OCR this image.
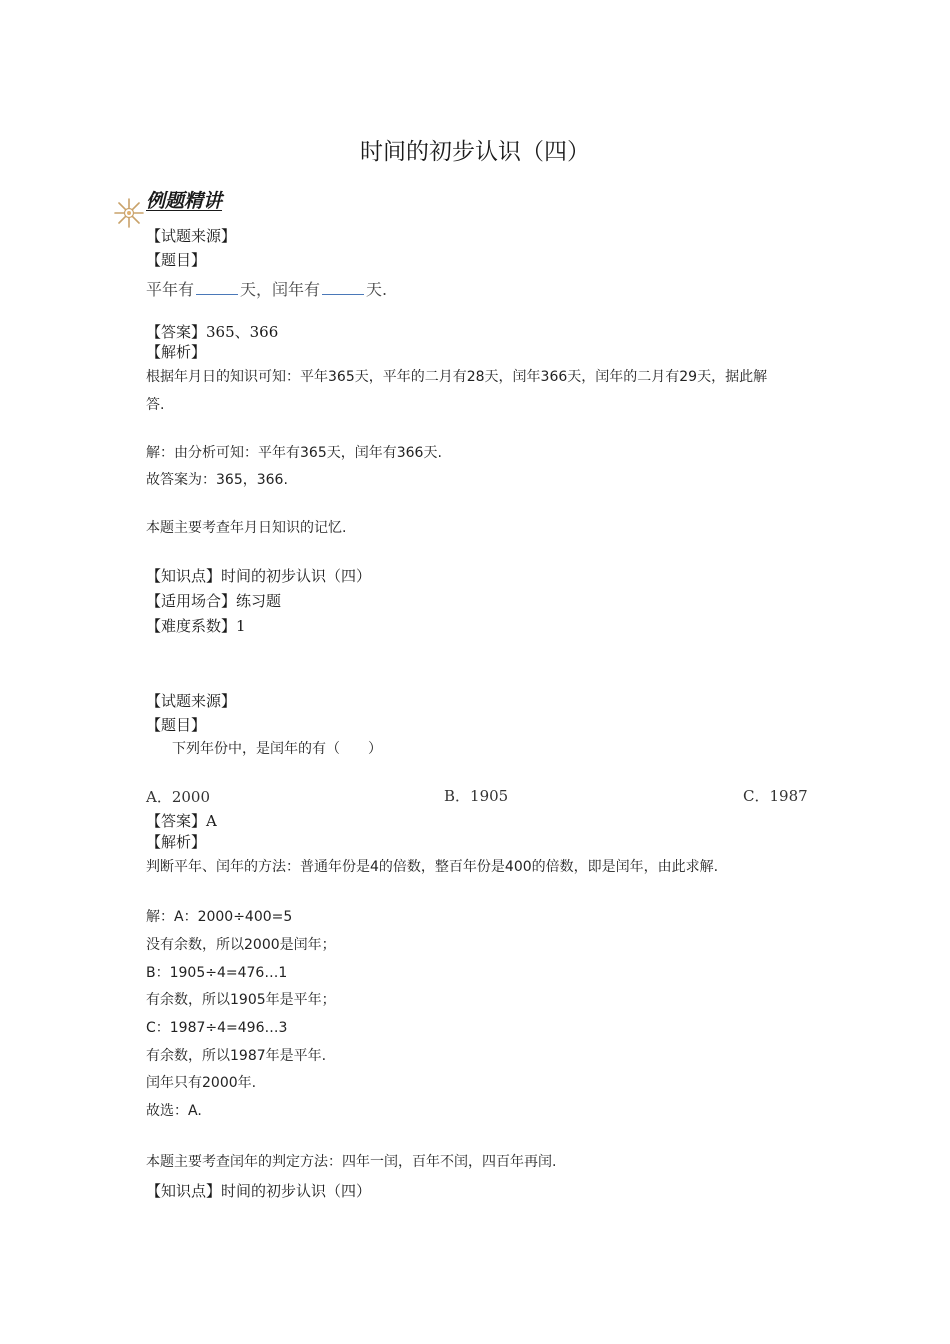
时间的初步认识（四）
例题精讲
【试题来源】
【题目】
平年有	天，闰年有	天.
【答案】365、366
【解析】
根据年月日的知识可知：平年365天，平年的二月有28天，闰年366天，闰年的二月有29天，据此解
答.
解：由分析可知：平年有365天，闰年有366天.
故答案为：365，366.
本题主要考查年月日知识的记忆.
【知识点】时间的初步认识（四）
【适用场合】练习题
【难度系数】1
【试题来源】
【题目】
下列年份中，是闰年的有（　　）
A．2000	B．1905	C．1987
【答案】A
【解析】
判断平年、闰年的方法：普通年份是4的倍数，整百年份是400的倍数，即是闰年，由此求解.
解：A：2000÷400=5
没有余数，所以2000是闰年；
B：1905÷4=476…1
有余数，所以1905年是平年；
C：1987÷4=496…3
有余数，所以1987年是平年.
闰年只有2000年.
故选：A.
本题主要考查闰年的判定方法：四年一闰，百年不闰，四百年再闰.
【知识点】时间的初步认识（四）
